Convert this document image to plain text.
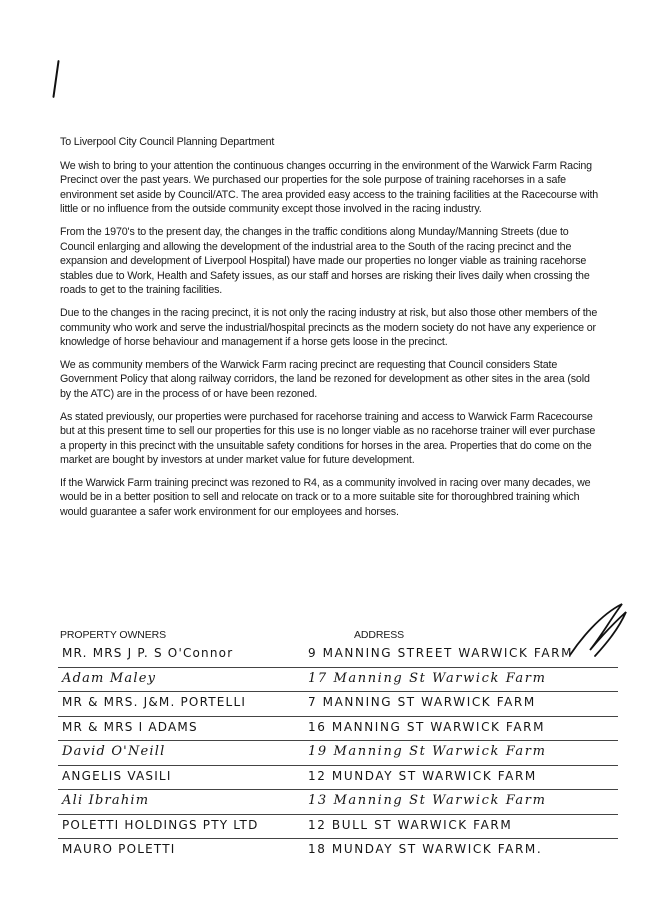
To Liverpool City Council Planning Department

We wish to bring to your attention the continuous changes occurring in the environment of the Warwick Farm Racing Precinct over the past years. We purchased our properties for the sole purpose of training racehorses in a safe environment set aside by Council/ATC. The area provided easy access to the training facilities at the Racecourse with little or no influence from the outside community except those involved in the racing industry.

From the 1970's to the present day, the changes in the traffic conditions along Munday/Manning Streets (due to Council enlarging and allowing the development of the industrial area to the South of the racing precinct and the expansion and development of Liverpool Hospital) have made our properties no longer viable as training racehorse stables due to Work, Health and Safety issues, as our staff and horses are risking their lives daily when crossing the roads to get to the training facilities.

Due to the changes in the racing precinct, it is not only the racing industry at risk, but also those other members of the community who work and serve the industrial/hospital precincts as the modern society do not have any experience or knowledge of horse behaviour and management if a horse gets loose in the precinct.

We as community members of the Warwick Farm racing precinct are requesting that Council considers State Government Policy that along railway corridors, the land be rezoned for development as other sites in the area (sold by the ATC) are in the process of or have been rezoned.

As stated previously, our properties were purchased for racehorse training and access to Warwick Farm Racecourse but at this present time to sell our properties for this use is no longer viable as no racehorse trainer will ever purchase a property in this precinct with the unsuitable safety conditions for horses in the area. Properties that do come on the market are bought by investors at under market value for future development.

If the Warwick Farm training precinct was rezoned to R4, as a community involved in racing over many decades, we would be in a better position to sell and relocate on track or to a more suitable site for thoroughbred training which would guarantee a safer work environment for our employees and horses.

PROPERTY OWNERS	ADDRESS
MR. MRS J P. S O'Connor	9 MANNING STREET WARWICK FARM
Adam Maley	17 Manning St Warwick Farm
MR & MRS. J&M. PORTELLI	7 MANNING ST WARWICK FARM
MR & MRS I ADAMS	16 MANNING ST WARWICK FARM
David O'Neill	19 Manning St Warwick Farm
ANGELIS VASILI	12 MUNDAY ST WARWICK FARM
Ali Ibrahim	13 Manning St Warwick Farm
POLETTI HOLDINGS PTY LTD	12 BULL ST WARWICK FARM
MAURO POLETTI	18 MUNDAY ST WARWICK FARM.
